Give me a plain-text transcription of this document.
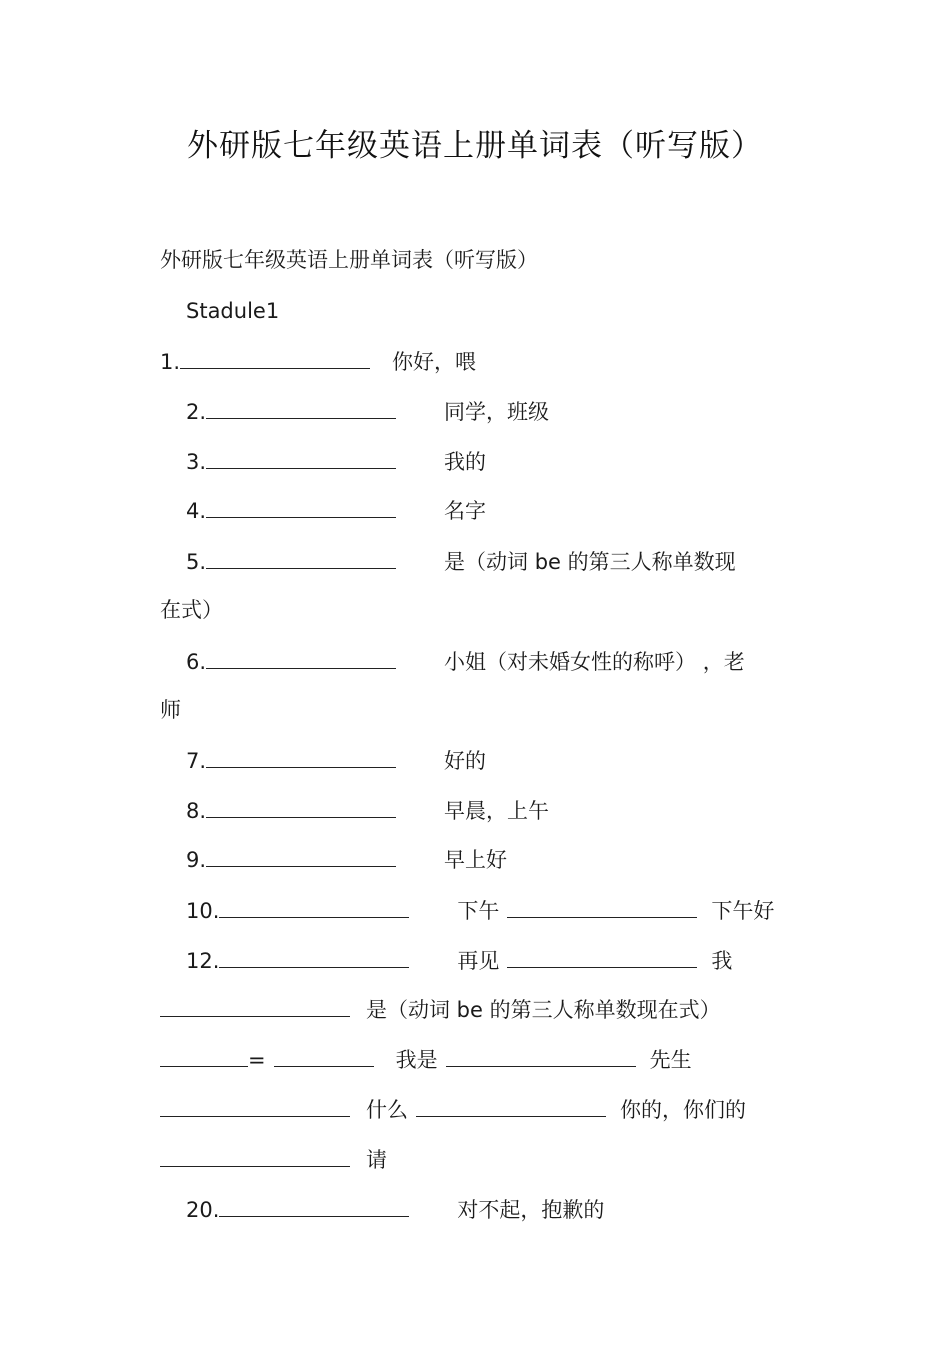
外研版七年级英语上册单词表（听写版）
外研版七年级英语上册单词表（听写版）
Stadule1
1.	你好，喂
2.	同学，班级
3.	我的
4.	名字
5.	是（动词 be 的第三人称单数现
在式）
6.	小姐（对未婚女性的称呼） ，老
师
7.	好的
8.	早晨，上午
9.	早上好
10.	下午	下午好
12.	再见	我
是（动词 be 的第三人称单数现在式）
=	我是	先生
什么	你的，你们的
请
20.	对不起，抱歉的
